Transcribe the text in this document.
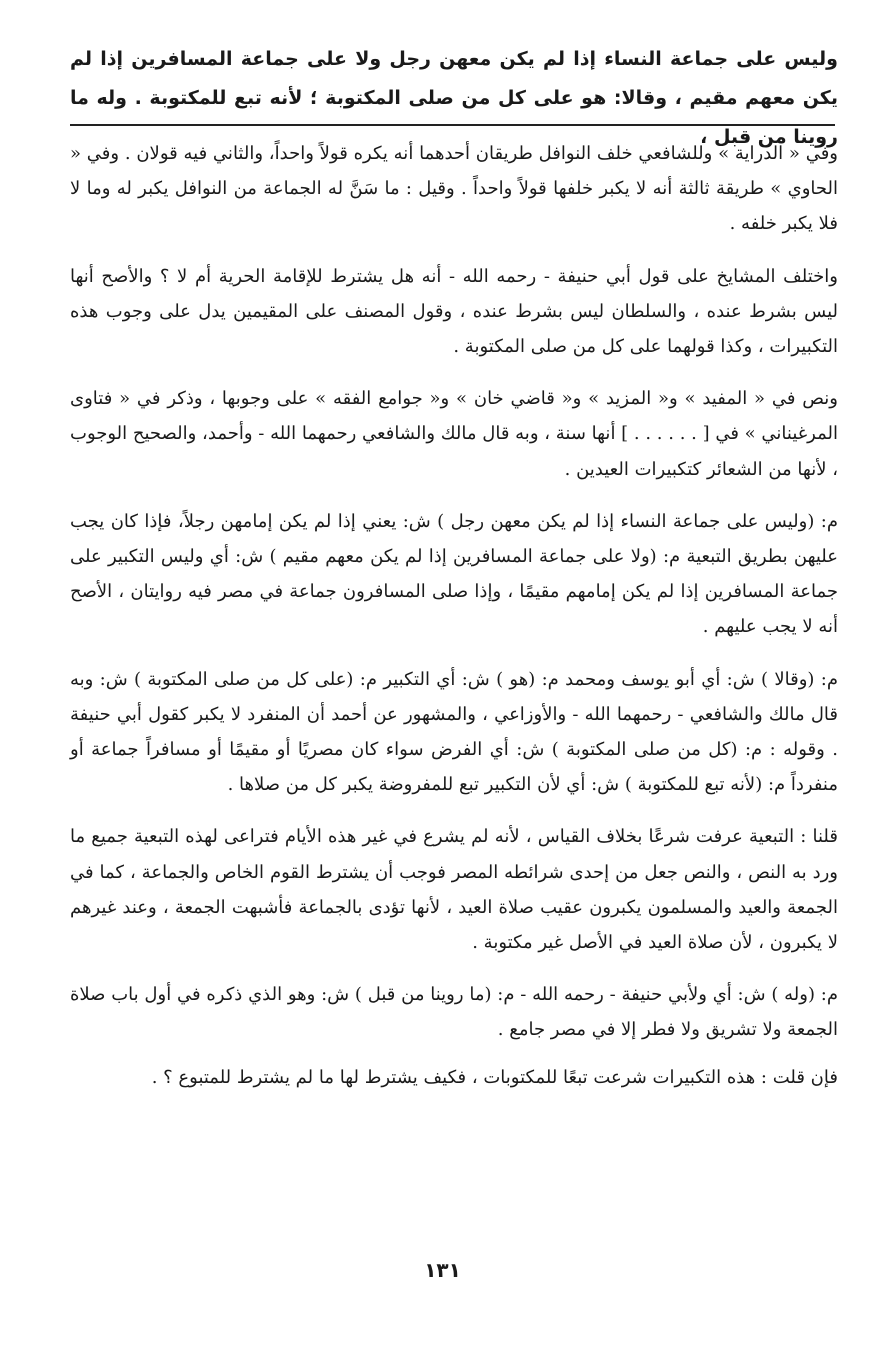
وليس على جماعة النساء إذا لم يكن معهن رجل ولا على جماعة المسافرين إذا لم يكن معهم مقيم ، وقالا: هو على كل من صلى المكتوبة ؛ لأنه تبع للمكتوبة . وله ما روينا من قبل ،

وفي « الدراية » وللشافعي خلف النوافل طريقان أحدهما أنه يكره قولاً واحداً، والثاني فيه قولان . وفي « الحاوي » طريقة ثالثة أنه لا يكبر خلفها قولاً واحداً . وقيل : ما سَنَّ له الجماعة من النوافل يكبر له وما لا فلا يكبر خلفه .

واختلف المشايخ على قول أبي حنيفة - رحمه الله - أنه هل يشترط للإقامة الحرية أم لا ؟ والأصح أنها ليس بشرط عنده ، والسلطان ليس بشرط عنده ، وقول المصنف على المقيمين يدل على وجوب هذه التكبيرات ، وكذا قولهما على كل من صلى المكتوبة .

ونص في « المفيد » و« المزيد » و« قاضي خان » و« جوامع الفقه » على وجوبها ، وذكر في « فتاوى المرغيناني » في [ . . . . . . ] أنها سنة ، وبه قال مالك والشافعي رحمهما الله - وأحمد، والصحيح الوجوب ، لأنها من الشعائر كتكبيرات العيدين .

م: (وليس على جماعة النساء إذا لم يكن معهن رجل ) ش: يعني إذا لم يكن إمامهن رجلاً، فإذا كان يجب عليهن بطريق التبعية م: (ولا على جماعة المسافرين إذا لم يكن معهم مقيم ) ش: أي وليس التكبير على جماعة المسافرين إذا لم يكن إمامهم مقيمًا ، وإذا صلى المسافرون جماعة في مصر فيه روايتان ، الأصح أنه لا يجب عليهم .

م: (وقالا ) ش: أي أبو يوسف ومحمد م: (هو ) ش: أي التكبير م: (على كل من صلى المكتوبة ) ش: وبه قال مالك والشافعي - رحمهما الله - والأوزاعي ، والمشهور عن أحمد أن المنفرد لا يكبر كقول أبي حنيفة . وقوله : م: (كل من صلى المكتوبة ) ش: أي الفرض سواء كان مصريًا أو مقيمًا أو مسافراً جماعة أو منفرداً م: (لأنه تبع للمكتوبة ) ش: أي لأن التكبير تبع للمفروضة يكبر كل من صلاها .

قلنا : التبعية عرفت شرعًا بخلاف القياس ، لأنه لم يشرع في غير هذه الأيام فتراعى لهذه التبعية جميع ما ورد به النص ، والنص جعل من إحدى شرائطه المصر فوجب أن يشترط القوم الخاص والجماعة ، كما في الجمعة والعيد والمسلمون يكبرون عقيب صلاة العيد ، لأنها تؤدى بالجماعة فأشبهت الجمعة ، وعند غيرهم لا يكبرون ، لأن صلاة العيد في الأصل غير مكتوبة .

م: (وله ) ش: أي ولأبي حنيفة - رحمه الله - م: (ما روينا من قبل ) ش: وهو الذي ذكره في أول باب صلاة الجمعة ولا تشريق ولا فطر إلا في مصر جامع .

فإن قلت : هذه التكبيرات شرعت تبعًا للمكتوبات ، فكيف يشترط لها ما لم يشترط للمتبوع ؟ .

١٣١
